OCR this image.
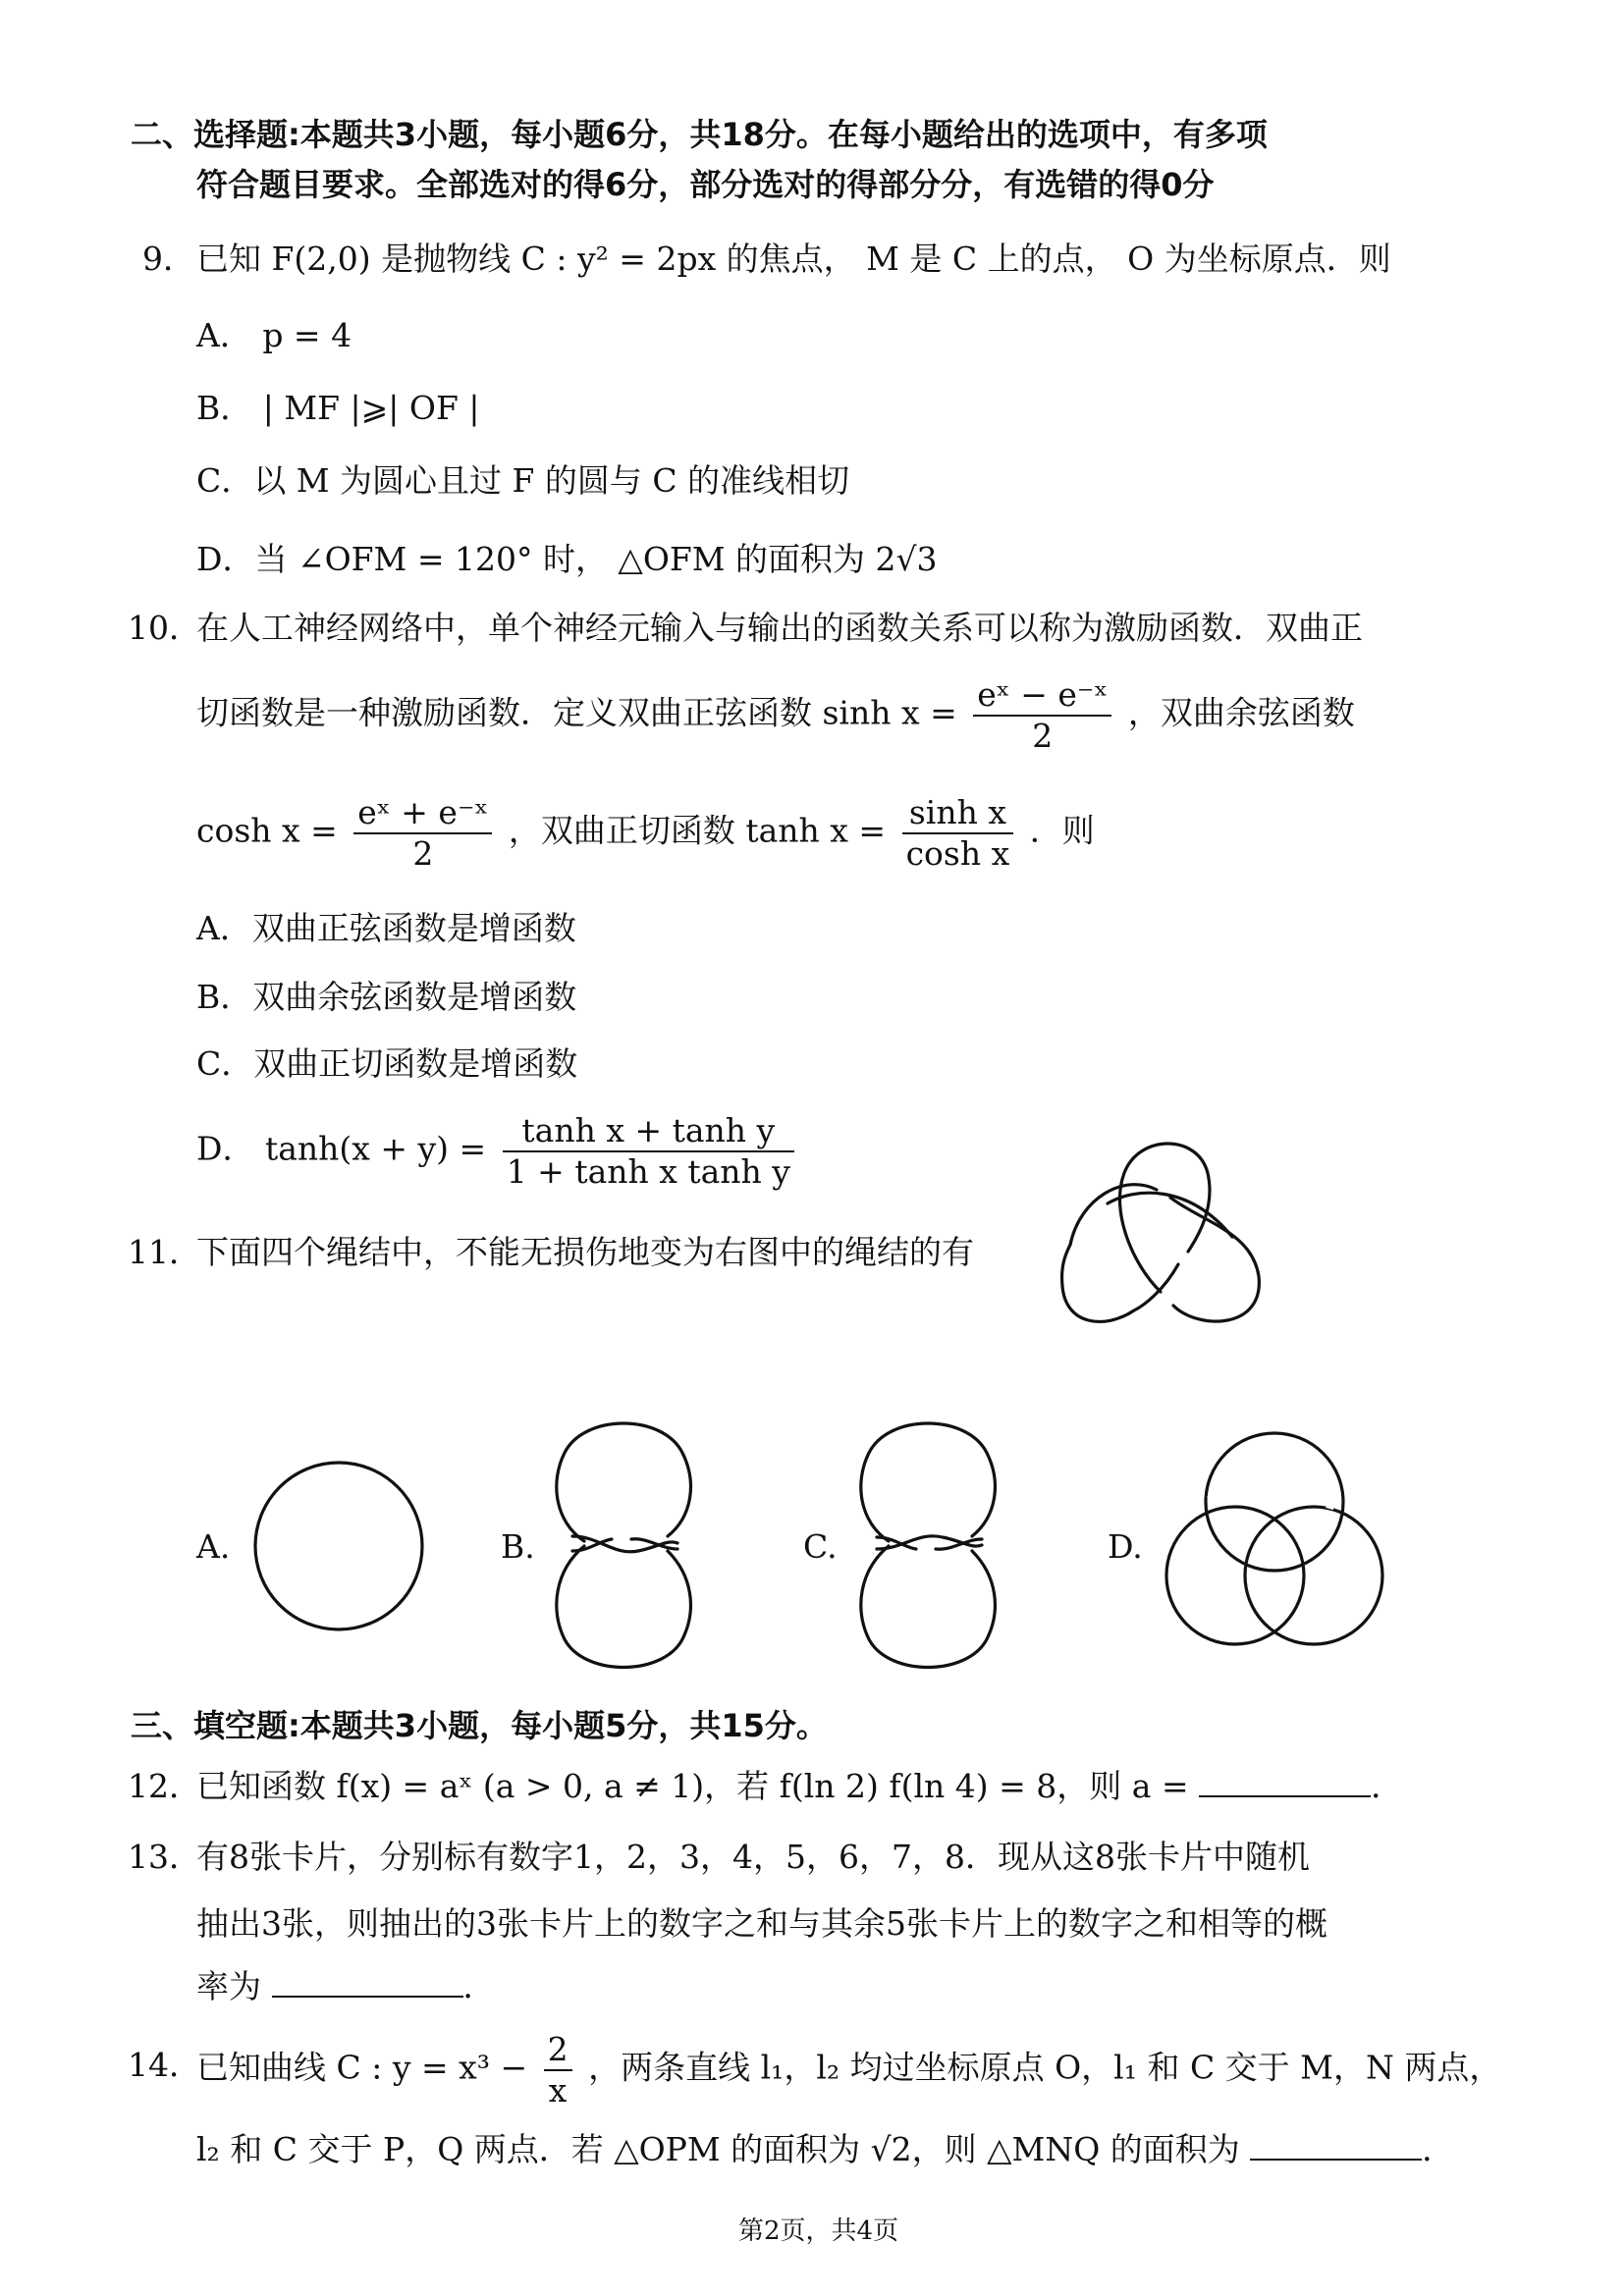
二、选择题:本题共3小题，每小题6分，共18分。在每小题给出的选项中，有多项
符合题目要求。全部选对的得6分，部分选对的得部分分，有选错的得0分
9． 已知 F(2,0) 是抛物线 C : y² = 2px 的焦点， M 是 C 上的点， O 为坐标原点．则
A． p = 4
B． | MF |⩾| OF |
C．以 M 为圆心且过 F 的圆与 C 的准线相切
D．当 ∠OFM = 120° 时， △OFM 的面积为 2√3
10．
在人工神经网络中，单个神经元输入与输出的函数关系可以称为激励函数．双曲正
切函数是一种激励函数．定义双曲正弦函数 $\sinh x = \frac{\text{eˣ − e⁻ˣ}}{2}$ ，双曲余弦函数
$\cosh x = \frac{\text{eˣ + e⁻ˣ}}{2}$ ，双曲正切函数 $\tanh x = \frac{\text{sinh x}}{\text{cosh x}}$ ．则
A．双曲正弦函数是增函数
B．双曲余弦函数是增函数
C．双曲正切函数是增函数
D． $\tanh(x + y) = \frac{\text{tanh x + tanh y}}{\text{1 + tanh x tanh y}}$
11．
下面四个绳结中，不能无损伤地变为右图中的绳结的有
A.	B.	C.	D.
三、填空题:本题共3小题，每小题5分，共15分。
12．
已知函数 f(x) = aˣ (a > 0, a ≠ 1)，若 f(ln 2) f(ln 4) = 8，则 a =	．
13．
有8张卡片，分别标有数字1，2，3，4，5，6，7，8．现从这8张卡片中随机
抽出3张，则抽出的3张卡片上的数字之和与其余5张卡片上的数字之和相等的概
率为	．
14．
已知曲线 C : $y = x^3 - \frac{2}{x}$ ，两条直线 l₁，l₂ 均过坐标原点 O，l₁ 和 C 交于 M，N 两点，
l₂ 和 C 交于 P，Q 两点．若 △OPM 的面积为 √2，则 △MNQ 的面积为	．
第2页，共4页
